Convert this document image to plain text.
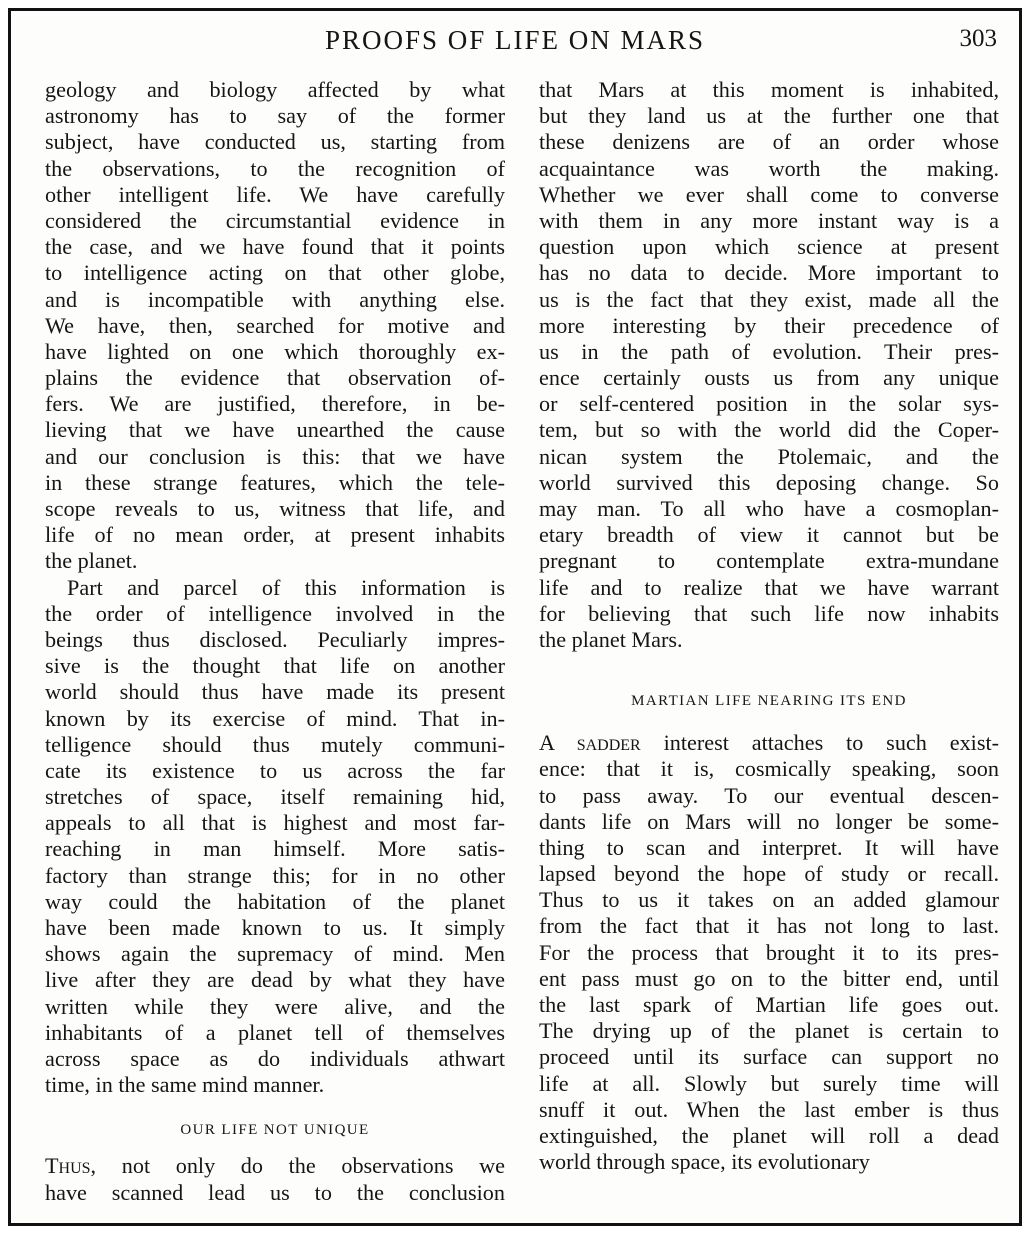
PROOFS OF LIFE ON MARS	303
geology and biology affected by what
astronomy has to say of the former
subject, have conducted us, starting from
the observations, to the recognition of
other intelligent life. We have carefully
considered the circumstantial evidence in
the case, and we have found that it points
to intelligence acting on that other globe,
and is incompatible with anything else.
We have, then, searched for motive and
have lighted on one which thoroughly ex-
plains the evidence that observation of-
fers. We are justified, therefore, in be-
lieving that we have unearthed the cause
and our conclusion is this: that we have
in these strange features, which the tele-
scope reveals to us, witness that life, and
life of no mean order, at present inhabits
the planet.
Part and parcel of this information is
the order of intelligence involved in the
beings thus disclosed. Peculiarly impres-
sive is the thought that life on another
world should thus have made its present
known by its exercise of mind. That in-
telligence should thus mutely communi-
cate its existence to us across the far
stretches of space, itself remaining hid,
appeals to all that is highest and most far-
reaching in man himself. More satis-
factory than strange this; for in no other
way could the habitation of the planet
have been made known to us. It simply
shows again the supremacy of mind. Men
live after they are dead by what they have
written while they were alive, and the
inhabitants of a planet tell of themselves
across space as do individuals athwart
time, in the same mind manner.
OUR LIFE NOT UNIQUE
Thus, not only do the observations we
have scanned lead us to the conclusion
that Mars at this moment is inhabited,
but they land us at the further one that
these denizens are of an order whose
acquaintance was worth the making.
Whether we ever shall come to converse
with them in any more instant way is a
question upon which science at present
has no data to decide. More important to
us is the fact that they exist, made all the
more interesting by their precedence of
us in the path of evolution. Their pres-
ence certainly ousts us from any unique
or self-centered position in the solar sys-
tem, but so with the world did the Coper-
nican system the Ptolemaic, and the
world survived this deposing change. So
may man. To all who have a cosmoplan-
etary breadth of view it cannot but be
pregnant to contemplate extra-mundane
life and to realize that we have warrant
for believing that such life now inhabits
the planet Mars.
MARTIAN LIFE NEARING ITS END
A sadder interest attaches to such exist-
ence: that it is, cosmically speaking, soon
to pass away. To our eventual descen-
dants life on Mars will no longer be some-
thing to scan and interpret. It will have
lapsed beyond the hope of study or recall.
Thus to us it takes on an added glamour
from the fact that it has not long to last.
For the process that brought it to its pres-
ent pass must go on to the bitter end, until
the last spark of Martian life goes out.
The drying up of the planet is certain to
proceed until its surface can support no
life at all. Slowly but surely time will
snuff it out. When the last ember is thus
extinguished, the planet will roll a dead
world through space, its evolutionary
